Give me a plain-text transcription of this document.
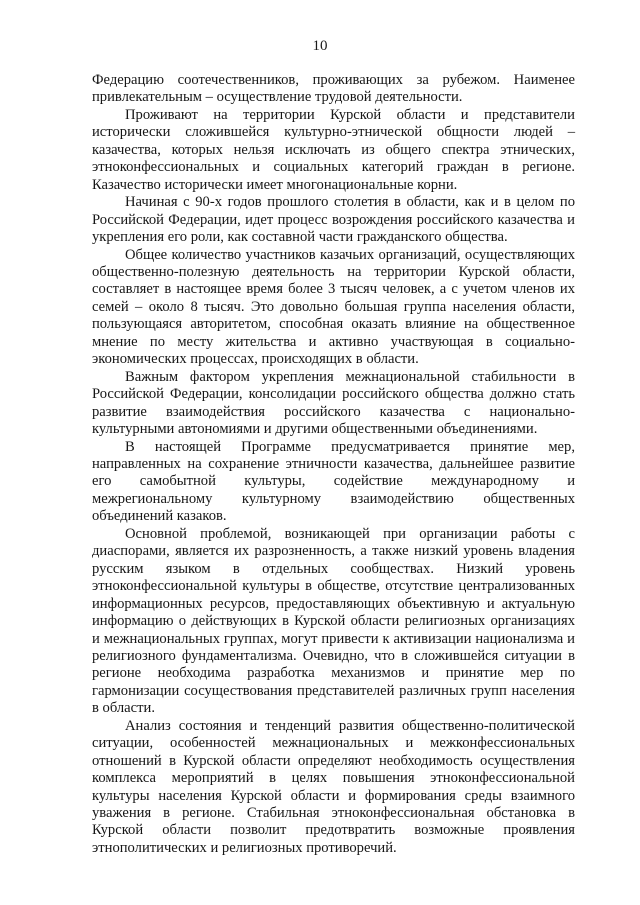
10

Федерацию соотечественников, проживающих за рубежом. Наименее привлекательным – осуществление трудовой деятельности.

Проживают на территории Курской области и представители исторически сложившейся культурно-этнической общности людей – казачества, которых нельзя исключать из общего спектра этнических, этноконфессиональных и социальных категорий граждан в регионе. Казачество исторически имеет многонациональные корни.

Начиная с 90-х годов прошлого столетия в области, как и в целом по Российской Федерации, идет процесс возрождения российского казачества и укрепления его роли, как составной части гражданского общества.

Общее количество участников казачьих организаций, осуществляющих общественно-полезную деятельность на территории Курской области, составляет в настоящее время более 3 тысяч человек, а с учетом членов их семей – около 8 тысяч. Это довольно большая группа населения области, пользующаяся авторитетом, способная оказать влияние на общественное мнение по месту жительства и активно участвующая в социально-экономических процессах, происходящих в области.

Важным фактором укрепления межнациональной стабильности в Российской Федерации, консолидации российского общества должно стать развитие взаимодействия российского казачества с национально-культурными автономиями и другими общественными объединениями.

В настоящей Программе предусматривается принятие мер, направленных на сохранение этничности казачества, дальнейшее развитие его самобытной культуры, содействие международному и межрегиональному культурному взаимодействию общественных объединений казаков.

Основной проблемой, возникающей при организации работы с диаспорами, является их разрозненность, а также низкий уровень владения русским языком в отдельных сообществах. Низкий уровень этноконфессиональной культуры в обществе, отсутствие централизованных информационных ресурсов, предоставляющих объективную и актуальную информацию о действующих в Курской области религиозных организациях и межнациональных группах, могут привести к активизации национализма и религиозного фундаментализма. Очевидно, что в сложившейся ситуации в регионе необходима разработка механизмов и принятие мер по гармонизации сосуществования представителей различных групп населения в области.

Анализ состояния и тенденций развития общественно-политической ситуации, особенностей межнациональных и межконфессиональных отношений в Курской области определяют необходимость осуществления комплекса мероприятий в целях повышения этноконфессиональной культуры населения Курской области и формирования среды взаимного уважения в регионе. Стабильная этноконфессиональная обстановка в Курской области позволит предотвратить возможные проявления этнополитических и религиозных противоречий.
